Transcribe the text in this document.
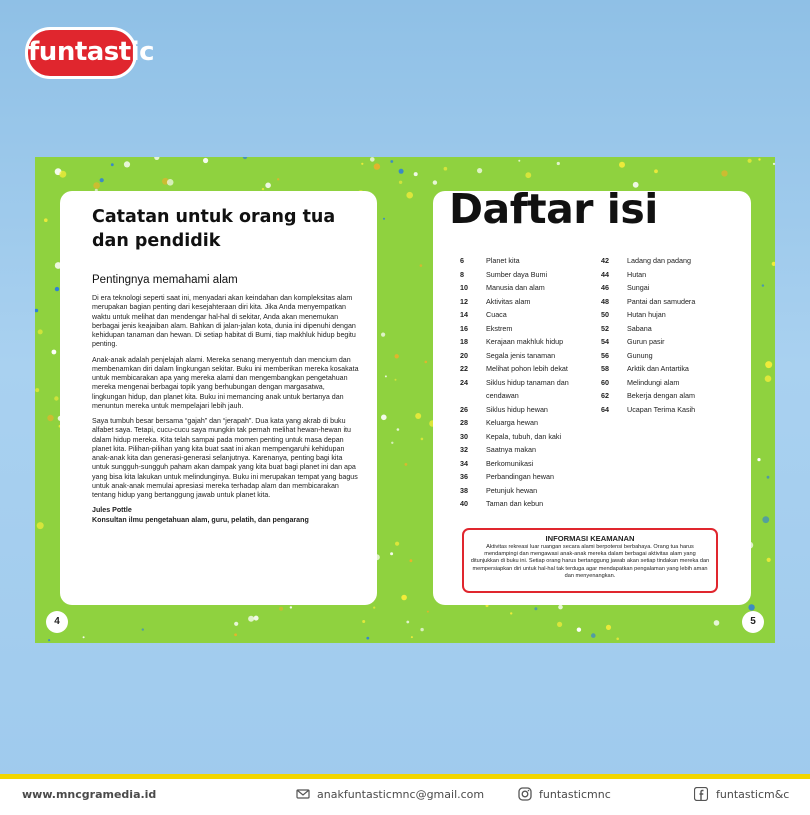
funtastic
Catatan untuk orang tua dan pendidik
Pentingnya memahami alam

Di era teknologi seperti saat ini, menyadari akan keindahan dan kompleksitas alam merupakan bagian penting dari kesejahteraan diri kita. Jika Anda menyempatkan waktu untuk melihat dan mendengar hal-hal di sekitar, Anda akan menemukan berbagai jenis keajaiban alam. Bahkan di jalan-jalan kota, dunia ini dipenuhi dengan kehidupan tanaman dan hewan. Di setiap habitat di Bumi, tiap makhluk hidup begitu penting.

Anak-anak adalah penjelajah alami. Mereka senang menyentuh dan mencium dan membenamkan diri dalam lingkungan sekitar. Buku ini memberikan mereka kosakata untuk membicarakan apa yang mereka alami dan mengembangkan pengetahuan mereka mengenai berbagai topik yang berhubungan dengan margasatwa, lingkungan hidup, dan planet kita. Buku ini memancing anak untuk bertanya dan menuntun mereka untuk mempelajari lebih jauh.

Saya tumbuh besar bersama “gajah” dan “jerapah”. Dua kata yang akrab di buku alfabet saya. Tetapi, cucu-cucu saya mungkin tak pernah melihat hewan-hewan itu dalam hidup mereka. Kita telah sampai pada momen penting untuk masa depan planet kita. Pilihan-pilihan yang kita buat saat ini akan mempengaruhi kehidupan anak-anak kita dan generasi-generasi selanjutnya. Karenanya, penting bagi kita untuk sungguh-sungguh paham akan dampak yang kita buat bagi planet ini dan apa yang bisa kita lakukan untuk melindunginya. Buku ini merupakan tempat yang bagus untuk anak-anak memulai apresiasi mereka terhadap alam dan membicarakan tentang hidup yang bertanggung jawab untuk planet kita.

Jules Pottle
Konsultan ilmu pengetahuan alam, guru, pelatih, dan pengarang
Daftar isi
6	Planet kita
8	Sumber daya Bumi
10	Manusia dan alam
12	Aktivitas alam
14	Cuaca
16	Ekstrem
18	Kerajaan makhluk hidup
20	Segala jenis tanaman
22	Melihat pohon lebih dekat
24	Siklus hidup tanaman dan cendawan
26	Siklus hidup hewan
28	Keluarga hewan
30	Kepala, tubuh, dan kaki
32	Saatnya makan
34	Berkomunikasi
36	Perbandingan hewan
38	Petunjuk hewan
40	Taman dan kebun
42	Ladang dan padang
44	Hutan
46	Sungai
48	Pantai dan samudera
50	Hutan hujan
52	Sabana
54	Gurun pasir
56	Gunung
58	Arktik dan Antartika
60	Melindungi alam
62	Bekerja dengan alam
64	Ucapan Terima Kasih
INFORMASI KEAMANAN
Aktivitas rekreasi luar ruangan secara alami berpotensi berbahaya. Orang tua harus mendampingi dan mengawasi anak-anak mereka dalam berbagai aktivitas alam yang ditunjukkan di buku ini. Setiap orang harus bertanggung jawab akan setiap tindakan mereka dan mempersiapkan diri untuk hal-hal tak terduga agar mendapatkan pengalaman yang lebih aman dan menyenangkan.
4	5
www.mncgramedia.id	anakfuntasticmnc@gmail.com	funtasticmnc	funtasticm&c
